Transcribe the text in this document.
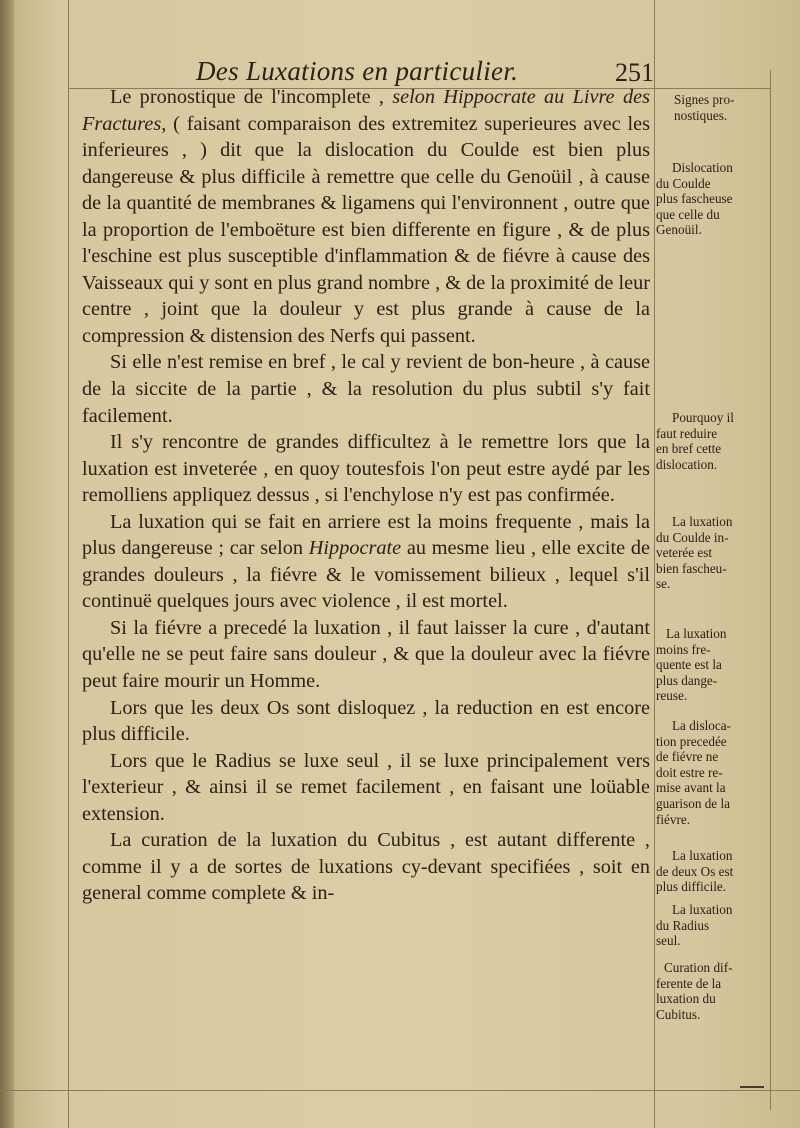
Des Luxations en particulier.	251

Le pronostique de l'incomplete , selon Hippocrate au Livre des Fractures, ( faisant comparaison des extremitez superieures avec les inferieures , ) dit que la dislocation du Coulde est bien plus dangereuse & plus difficile à remettre que celle du Genoüil , à cause de la quantité de membranes & ligamens qui l'environnent , outre que la proportion de l'emboëture est bien differente en figure , & de plus l'eschine est plus susceptible d'inflammation & de fiévre à cause des Vaisseaux qui y sont en plus grand nombre , & de la proximité de leur centre , joint que la douleur y est plus grande à cause de la compression & distension des Nerfs qui passent.

Si elle n'est remise en bref , le cal y revient de bon-heure , à cause de la siccite de la partie , & la resolution du plus subtil s'y fait facilement.

Il s'y rencontre de grandes difficultez à le remettre lors que la luxation est inveterée , en quoy toutesfois l'on peut estre aydé par les remolliens appliquez dessus , si l'enchylose n'y est pas confirmée.

La luxation qui se fait en arriere est la moins frequente , mais la plus dangereuse ; car selon Hippocrate au mesme lieu , elle excite de grandes douleurs , la fiévre & le vomissement bilieux , lequel s'il continuë quelques jours avec violence , il est mortel.

Si la fiévre a precedé la luxation , il faut laisser la cure , d'autant qu'elle ne se peut faire sans douleur , & que la douleur avec la fiévre peut faire mourir un Homme.

Lors que les deux Os sont disloquez , la reduction en est encore plus difficile.

Lors que le Radius se luxe seul , il se luxe principalement vers l'exterieur , & ainsi il se remet facilement , en faisant une loüable extension.

La curation de la luxation du Cubitus , est autant differente , comme il y a de sortes de luxations cy-devant specifiées , soit en general comme complete & in-

Signes pro-
nostiques.
Dislocation
du Coulde
plus fascheuse
que celle du
Genoüil.
Pourquoy il
faut reduire
en bref cette
dislocation.
La luxation
du Coulde in-
veterée est
bien fascheu-
se.
La luxation
moins fre-
quente est la
plus dange-
reuse.
La disloca-
tion precedée
de fiévre ne
doit estre re-
mise avant la
guarison de la
fiévre.
La luxation
de deux Os est
plus difficile.
La luxation
du Radius
seul.
Curation dif-
ferente de la
luxation du
Cubitus.
